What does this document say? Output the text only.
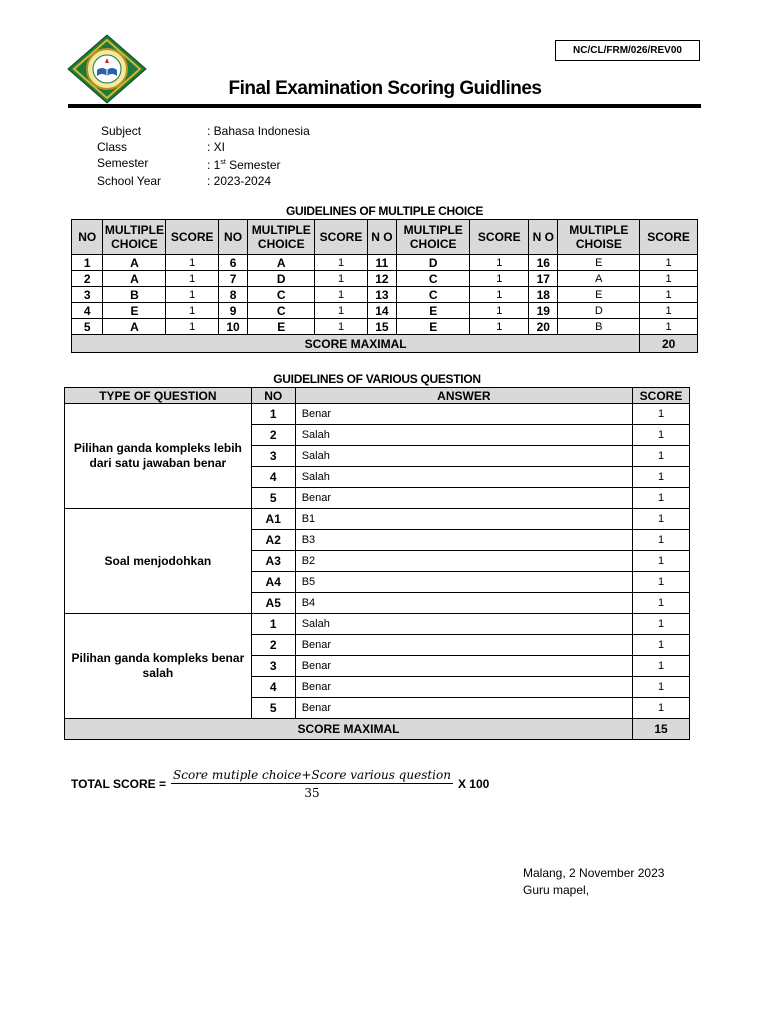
NC/CL/FRM/026/REV00
Final Examination Scoring Guidlines
Subject	: Bahasa Indonesia
Class	: XI
Semester	: 1st Semester
School Year	: 2023-2024
GUIDELINES OF MULTIPLE CHOICE
NO	MULTIPLE CHOICE	SCORE	NO	MULTIPLE CHOICE	SCORE	N O	MULTIPLE CHOICE	SCORE	N O	MULTIPLE CHOISE	SCORE
1	A	1	6	A	1	11	D	1	16	E	1
2	A	1	7	D	1	12	C	1	17	A	1
3	B	1	8	C	1	13	C	1	18	E	1
4	E	1	9	C	1	14	E	1	19	D	1
5	A	1	10	E	1	15	E	1	20	B	1
SCORE MAXIMAL											20
GUIDELINES OF VARIOUS QUESTION
TYPE OF QUESTION	NO	ANSWER	SCORE
Pilihan ganda kompleks lebih dari satu jawaban benar	1	Benar	1
	2	Salah	1
	3	Salah	1
	4	Salah	1
	5	Benar	1
Soal menjodohkan	A1	B1	1
	A2	B3	1
	A3	B2	1
	A4	B5	1
	A5	B4	1
Pilihan ganda kompleks benar salah	1	Salah	1
	2	Benar	1
	3	Benar	1
	4	Benar	1
	5	Benar	1
SCORE MAXIMAL			15
TOTAL SCORE = $\frac{\text{Score mutiple choice+Score various question}}{35}$ X 100
Malang, 2 November 2023
Guru mapel,
